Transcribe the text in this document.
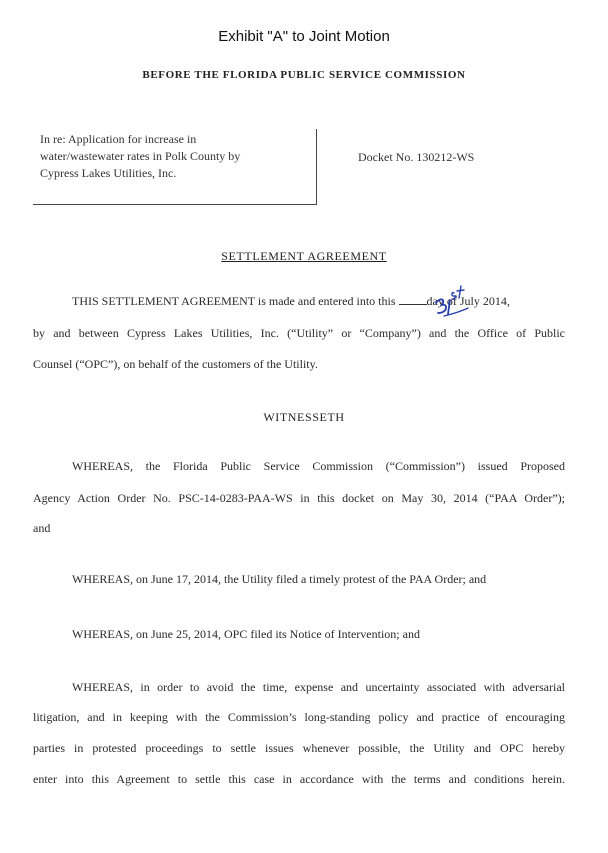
Exhibit "A" to Joint Motion
BEFORE THE FLORIDA PUBLIC SERVICE COMMISSION
In re: Application for increase in
water/wastewater rates in Polk County by
Cypress Lakes Utilities, Inc.
Docket No. 130212-WS
SETTLEMENT AGREEMENT
THIS SETTLEMENT AGREEMENT is made and entered into this	day of July 2014,
by and between Cypress Lakes Utilities, Inc. (“Utility” or “Company”) and the Office of Public
Counsel (“OPC”), on behalf of the customers of the Utility.
WITNESSETH
WHEREAS, the Florida Public Service Commission (“Commission”) issued Proposed
Agency Action Order No. PSC-14-0283-PAA-WS in this docket on May 30, 2014 (“PAA Order”);
and
WHEREAS, on June 17, 2014, the Utility filed a timely protest of the PAA Order; and
WHEREAS, on June 25, 2014, OPC filed its Notice of Intervention; and
WHEREAS, in order to avoid the time, expense and uncertainty associated with adversarial
litigation, and in keeping with the Commission’s long-standing policy and practice of encouraging
parties in protested proceedings to settle issues whenever possible, the Utility and OPC hereby
enter into this Agreement to settle this case in accordance with the terms and conditions herein.
